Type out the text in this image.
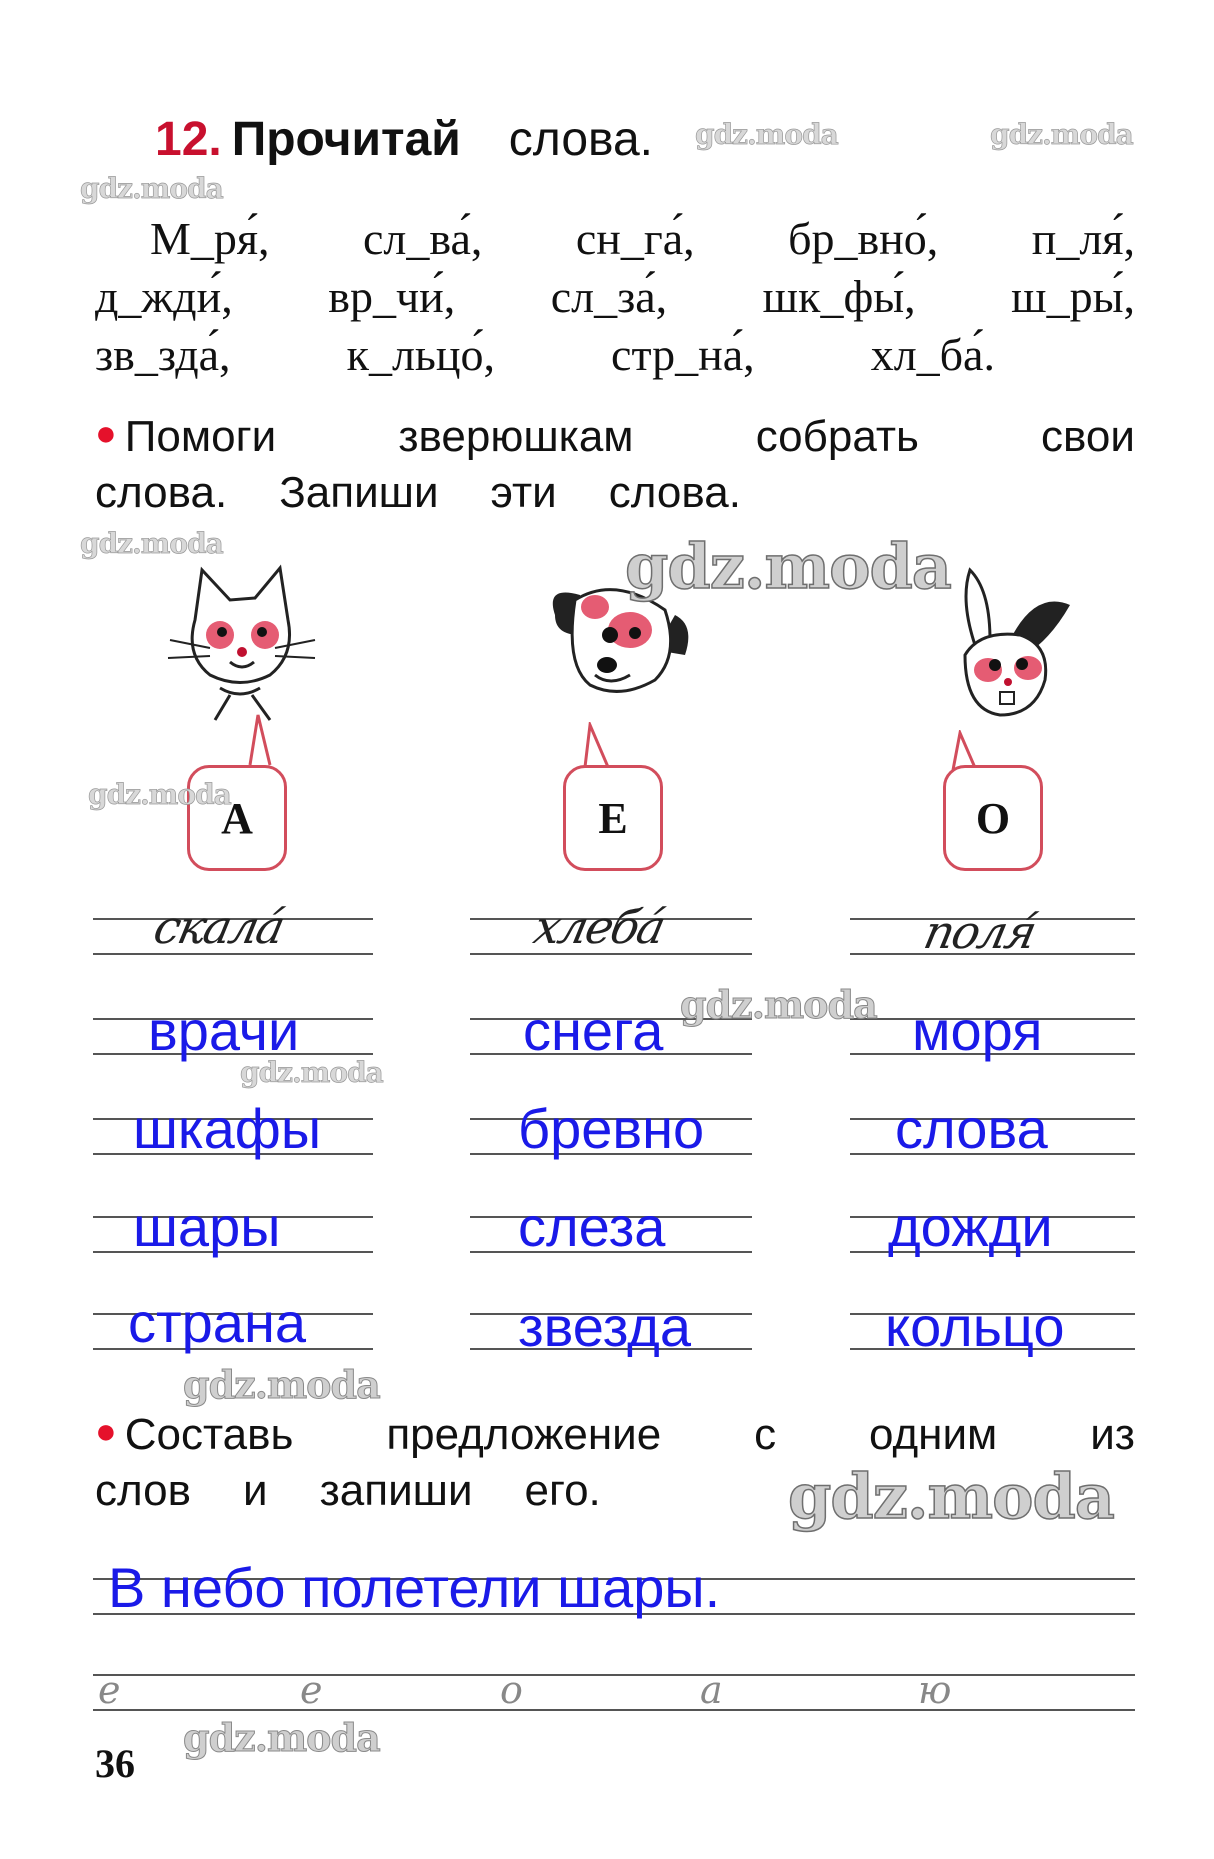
12. Прочитай слова.
М_ря́, сл_ва́, сн_га́, бр_вно́, п_ля́,
д_жди́, вр_чи́, сл_за́, шк_фы́, ш_ры́,
зв_зда́,	к_льцо́,	стр_на́,	хл_ба́.
● Помоги	зверюшкам	собрать	свои
слова. Запиши эти слова.
А	Е	О
скала́	хлеба́	поля́
врачи	снега	моря
шкафы	бревно	слова
шары	слеза	дожди
страна	звезда	кольцо
● Составь предложение с одним из
слов и запиши его.
В небо полетели шары.
е	е	о	а	ю
36
gdz.moda	gdz.moda
gdz.moda
gdz.moda	gdz.moda
gdz.moda
gdz.moda
gdz.moda
gdz.moda
gdz.moda
gdz.moda
